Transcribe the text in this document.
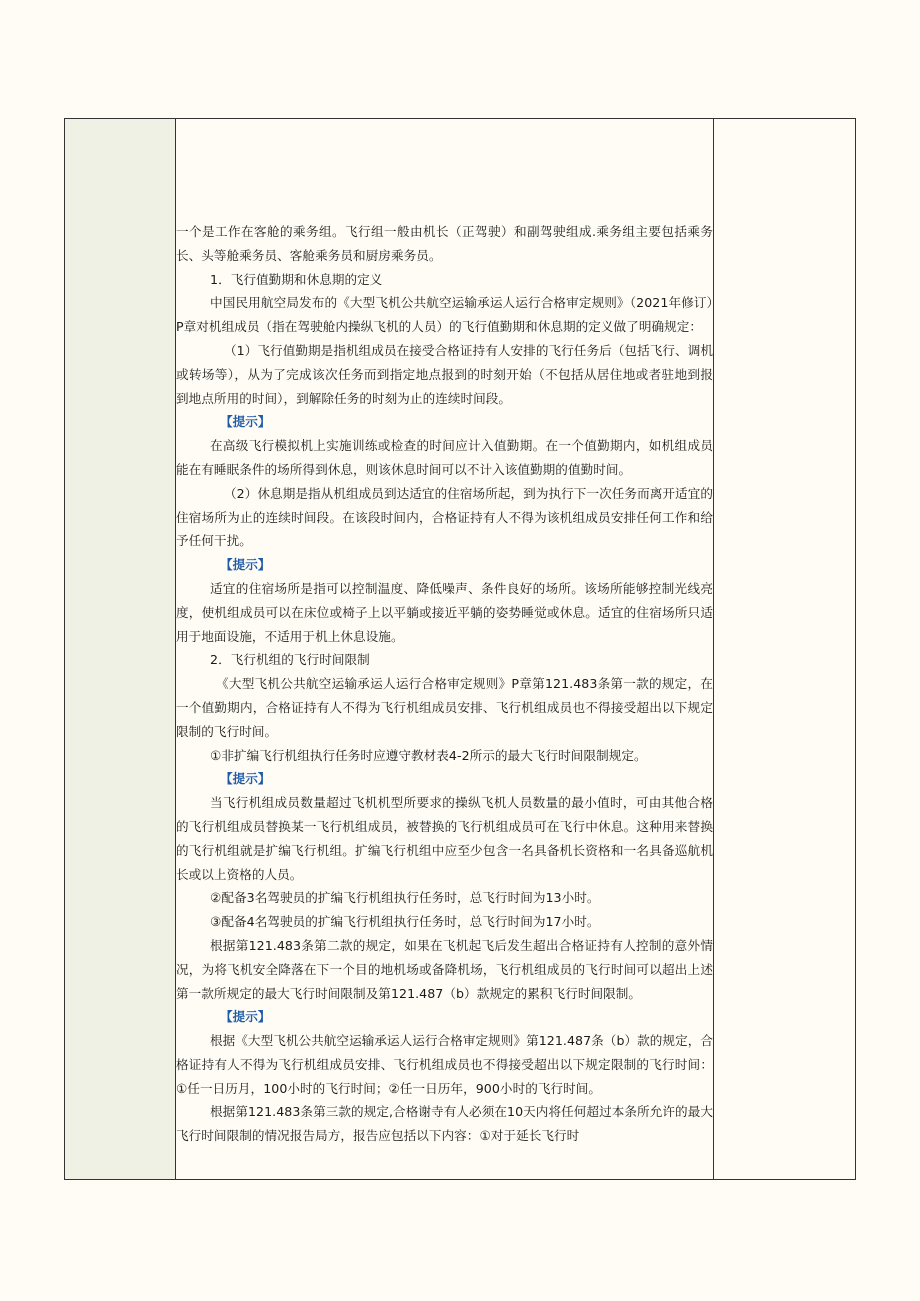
一个是工作在客舱的乘务组。飞行组一般由机长（正驾驶）和副驾驶组成.乘务组主要包括乘务长、头等舱乘务员、客舱乘务员和厨房乘务员。

1．飞行值勤期和休息期的定义

中国民用航空局发布的《大型飞机公共航空运输承运人运行合格审定规则》（2021年修订）P章对机组成员（指在驾驶舱内操纵飞机的人员）的飞行值勤期和休息期的定义做了明确规定：

（1）飞行值勤期是指机组成员在接受合格证持有人安排的飞行任务后（包括飞行、调机或转场等），从为了完成该次任务而到指定地点报到的时刻开始（不包括从居住地或者驻地到报到地点所用的时间），到解除任务的时刻为止的连续时间段。

【提示】

在高级飞行模拟机上实施训练或检查的时间应计入值勤期。在一个值勤期内，如机组成员能在有睡眠条件的场所得到休息，则该休息时间可以不计入该值勤期的值勤时间。

（2）休息期是指从机组成员到达适宜的住宿场所起，到为执行下一次任务而离开适宜的住宿场所为止的连续时间段。在该段时间内，合格证持有人不得为该机组成员安排任何工作和给予任何干扰。

【提示】

适宜的住宿场所是指可以控制温度、降低噪声、条件良好的场所。该场所能够控制光线亮度，使机组成员可以在床位或椅子上以平躺或接近平躺的姿势睡觉或休息。适宜的住宿场所只适用于地面设施，不适用于机上休息设施。

2．飞行机组的飞行时间限制

《大型飞机公共航空运输承运人运行合格审定规则》P章第121.483条第一款的规定，在一个值勤期内，合格证持有人不得为飞行机组成员安排、飞行机组成员也不得接受超出以下规定限制的飞行时间。

①非扩编飞行机组执行任务时应遵守教材表4-2所示的最大飞行时间限制规定。

【提示】

当飞行机组成员数量超过飞机机型所要求的操纵飞机人员数量的最小值时，可由其他合格的飞行机组成员替换某一飞行机组成员，被替换的飞行机组成员可在飞行中休息。这种用来替换的飞行机组就是扩编飞行机组。扩编飞行机组中应至少包含一名具备机长资格和一名具备巡航机长或以上资格的人员。

②配备3名驾驶员的扩编飞行机组执行任务时，总飞行时间为13小时。

③配备4名驾驶员的扩编飞行机组执行任务时，总飞行时间为17小时。

根据第121.483条第二款的规定，如果在飞机起飞后发生超出合格证持有人控制的意外情况，为将飞机安全降落在下一个目的地机场或备降机场，飞行机组成员的飞行时间可以超出上述第一款所规定的最大飞行时间限制及第121.487（b）款规定的累积飞行时间限制。

【提示】

根据《大型飞机公共航空运输承运人运行合格审定规则》第121.487条（b）款的规定，合格证持有人不得为飞行机组成员安排、飞行机组成员也不得接受超出以下规定限制的飞行时间：①任一日历月，100小时的飞行时间；②任一日历年，900小时的飞行时间。

根据第121.483条第三款的规定,合格谢寺有人必须在10天内将任何超过本条所允许的最大飞行时间限制的情况报告局方，报告应包括以下内容：①对于延长飞行时
